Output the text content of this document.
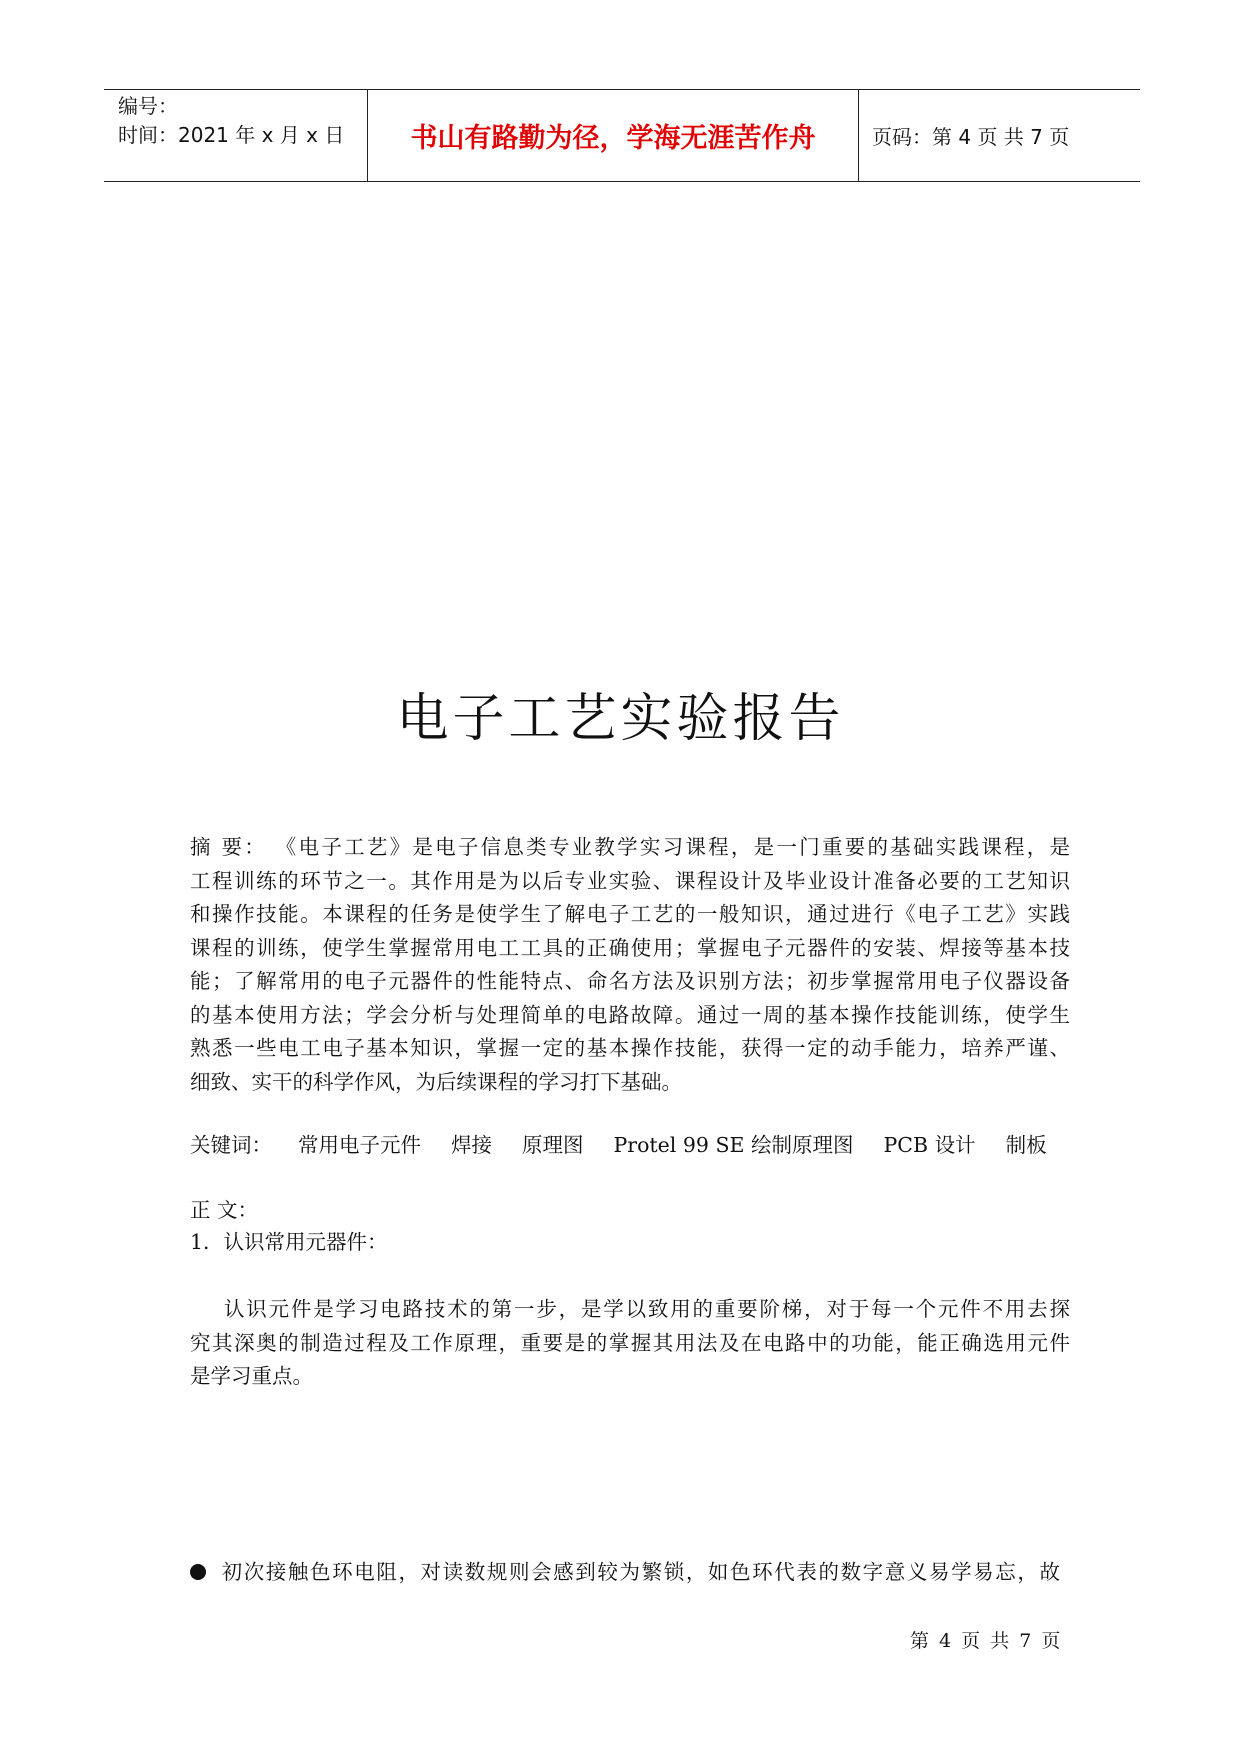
编号：
时间：2021 年 x 月 x 日	书山有路勤为径，学海无涯苦作舟	页码：第 4 页 共 7 页
电子工艺实验报告
摘 要： 《电子工艺》是电子信息类专业教学实习课程，是一门重要的基础实践课程，是
工程训练的环节之一。其作用是为以后专业实验、课程设计及毕业设计准备必要的工艺知识
和操作技能。本课程的任务是使学生了解电子工艺的一般知识，通过进行《电子工艺》实践
课程的训练，使学生掌握常用电工工具的正确使用；掌握电子元器件的安装、焊接等基本技
能；了解常用的电子元器件的性能特点、命名方法及识别方法；初步掌握常用电子仪器设备
的基本使用方法；学会分析与处理简单的电路故障。通过一周的基本操作技能训练，使学生
熟悉一些电工电子基本知识，掌握一定的基本操作技能，获得一定的动手能力，培养严谨、
细致、实干的科学作风，为后续课程的学习打下基础。
关键词： 常用电子元件 焊接 原理图 Protel 99 SE 绘制原理图 PCB 设计 制板
正 文：
1．认识常用元器件：
认识元件是学习电路技术的第一步，是学以致用的重要阶梯，对于每一个元件不用去探
究其深奥的制造过程及工作原理，重要是的掌握其用法及在电路中的功能，能正确选用元件
是学习重点。
初次接触色环电阻，对读数规则会感到较为繁锁，如色环代表的数字意义易学易忘，故
第 4 页 共 7 页
